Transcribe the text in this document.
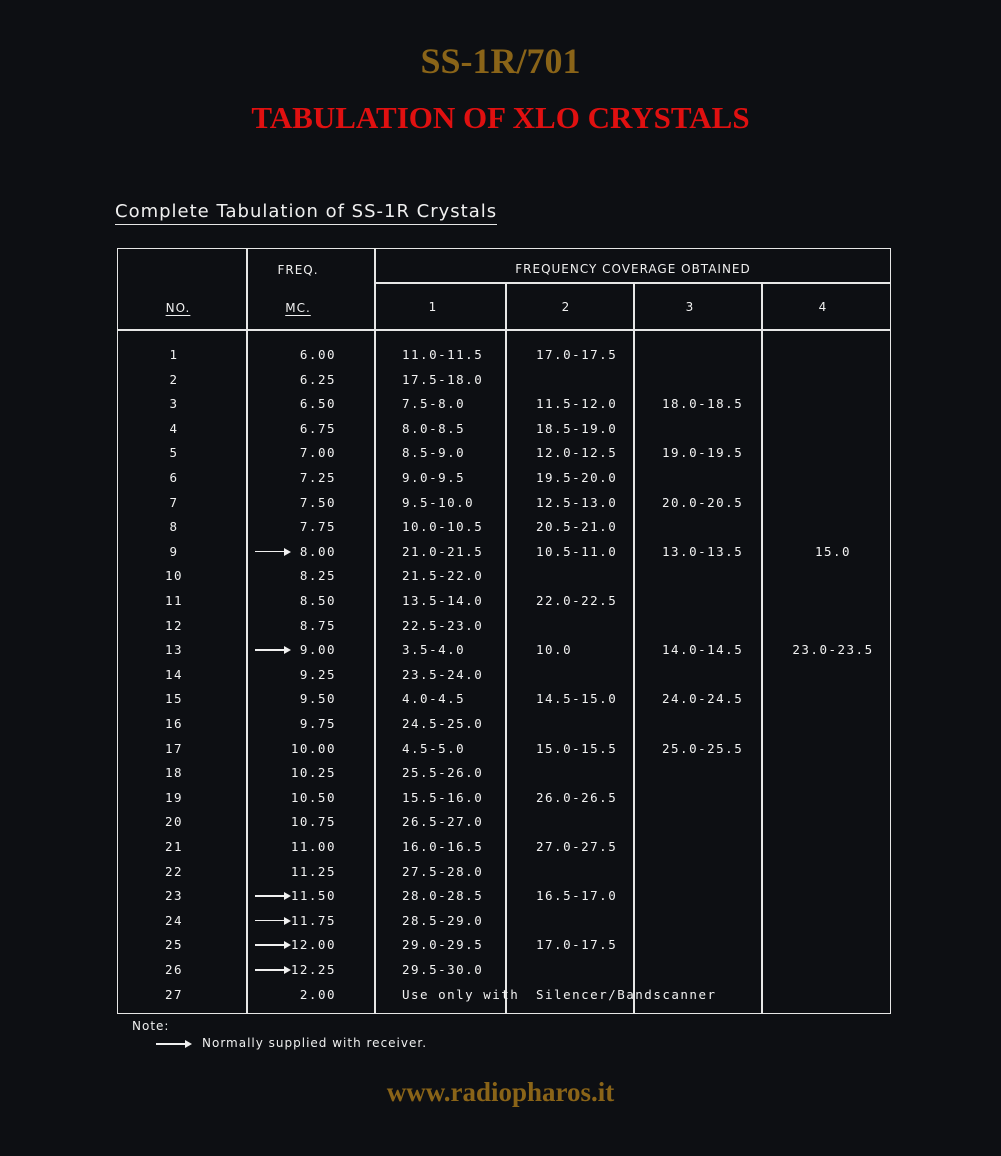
SS-1R/701
TABULATION OF XLO CRYSTALS
Complete Tabulation of SS-1R Crystals
NO.
FREQ.
MC.
FREQUENCY COVERAGE OBTAINED
1	2	3	4
1	6.00	11.0-11.5	17.0-17.5
2	6.25	17.5-18.0
3	6.50	7.5-8.0	11.5-12.0	18.0-18.5
4	6.75	8.0-8.5	18.5-19.0
5	7.00	8.5-9.0	12.0-12.5	19.0-19.5
6	7.25	9.0-9.5	19.5-20.0
7	7.50	9.5-10.0	12.5-13.0	20.0-20.5
8	7.75	10.0-10.5	20.5-21.0
9	8.00	21.0-21.5	10.5-11.0	13.0-13.5	15.0
10	8.25	21.5-22.0
11	8.50	13.5-14.0	22.0-22.5
12	8.75	22.5-23.0
13	9.00	3.5-4.0	10.0	14.0-14.5	23.0-23.5
14	9.25	23.5-24.0
15	9.50	4.0-4.5	14.5-15.0	24.0-24.5
16	9.75	24.5-25.0
17	10.00	4.5-5.0	15.0-15.5	25.0-25.5
18	10.25	25.5-26.0
19	10.50	15.5-16.0	26.0-26.5
20	10.75	26.5-27.0
21	11.00	16.0-16.5	27.0-27.5
22	11.25	27.5-28.0
23	11.50	28.0-28.5	16.5-17.0
24	11.75	28.5-29.0
25	12.00	29.0-29.5	17.0-17.5
26	12.25	29.5-30.0
27	2.00	Use only with Silencer/Bandscanner
Note:
Normally supplied with receiver.
www.radiopharos.it
